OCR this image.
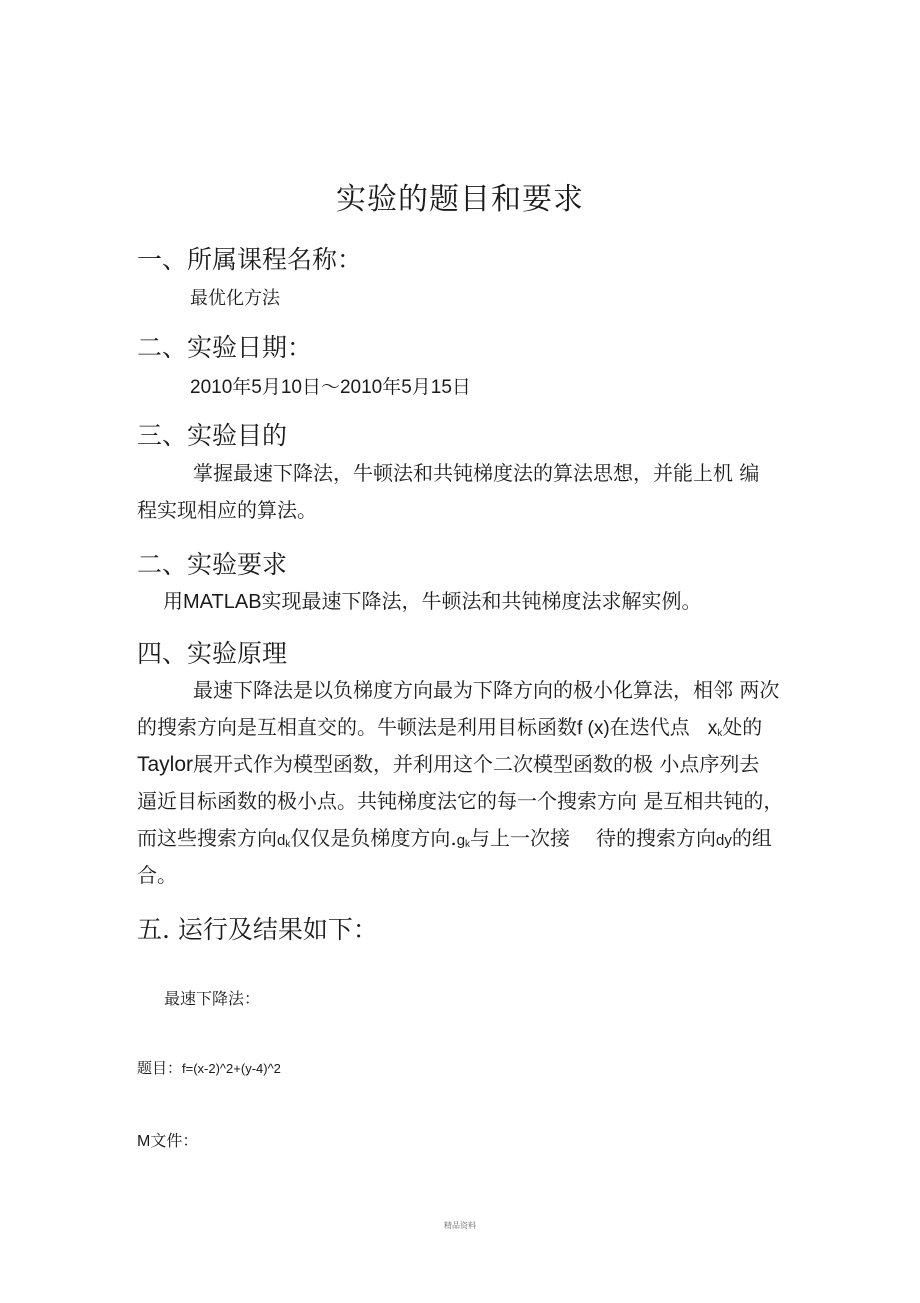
实验的题目和要求
一、所属课程名称：
最优化方法
二、实验日期：
2010年5月10日～2010年5月15日
三、实验目的
掌握最速下降法，牛顿法和共钝梯度法的算法思想，并能上机 编
程实现相应的算法。
二、实验要求
用MATLAB实现最速下降法，牛顿法和共钝梯度法求解实例。
四、实验原理
最速下降法是以负梯度方向最为下降方向的极小化算法，相邻 两次
的搜索方向是互相直交的。牛顿法是利用目标函数f (x)在迭代点 $x_k$处的
Taylor展开式作为模型函数，并利用这个二次模型函数的极 小点序列去
逼近目标函数的极小点。共钝梯度法它的每一个搜索方向 是互相共钝的，
而这些搜索方向$d_k$仅仅是负梯度方向$.g_k$与上一次接 待的搜索方向dy的组
合。
五. 运行及结果如下：
最速下降法：
题目：f=(x-2)^2+(y-4)^2
M文件：
精品资料
